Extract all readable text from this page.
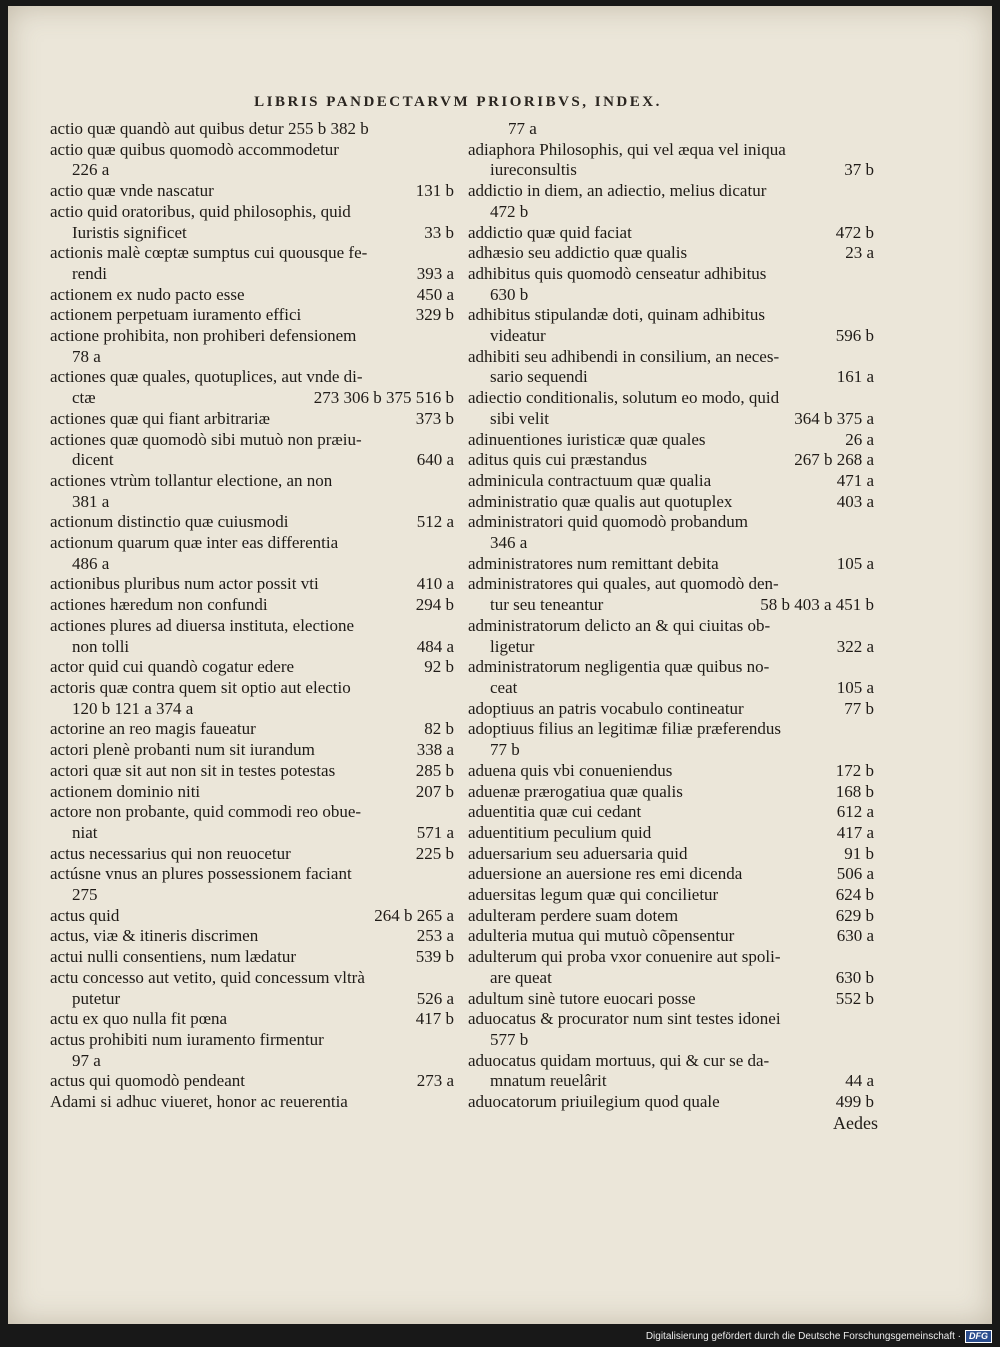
LIBRIS PANDECTARVM PRIORIBVS, INDEX.
actio quæ quandò aut quibus detur 255 b 382 b
actio quæ quibus quomodò accommodetur
226 a
actio quæ vnde nascatur	131 b
actio quid oratoribus, quid philosophis, quid
Iuristis significet	33 b
actionis malè cœptæ sumptus cui quousque fe-
rendi	393 a
actionem ex nudo pacto esse	450 a
actionem perpetuam iuramento effici	329 b
actione prohibita, non prohiberi defensionem
78 a
actiones quæ quales, quotuplices, aut vnde di-
ctæ	273 306 b 375 516 b
actiones quæ qui fiant arbitrariæ	373 b
actiones quæ quomodò sibi mutuò non præiu-
dicent	640 a
actiones vtrùm tollantur electione, an non
381 a
actionum distinctio quæ cuiusmodi	512 a
actionum quarum quæ inter eas differentia
486 a
actionibus pluribus num actor possit vti	410 a
actiones hæredum non confundi	294 b
actiones plures ad diuersa instituta, electione
non tolli	484 a
actor quid cui quandò cogatur edere	92 b
actoris quæ contra quem sit optio aut electio
120 b 121 a 374 a
actorine an reo magis faueatur	82 b
actori plenè probanti num sit iurandum	338 a
actori quæ sit aut non sit in testes potestas	285 b
actionem dominio niti	207 b
actore non probante, quid commodi reo obue-
niat	571 a
actus necessarius qui non reuocetur	225 b
actúsne vnus an plures possessionem faciant
275
actus quid	264 b 265 a
actus, viæ & itineris discrimen	253 a
actui nulli consentiens, num lædatur	539 b
actu concesso aut vetito, quid concessum vltrà
putetur	526 a
actu ex quo nulla fit pœna	417 b
actus prohibiti num iuramento firmentur
97 a
actus qui quomodò pendeant	273 a
Adami si adhuc viueret, honor ac reuerentia
77 a
adiaphora Philosophis, qui vel æqua vel iniqua
iureconsultis	37 b
addictio in diem, an adiectio, melius dicatur
472 b
addictio quæ quid faciat	472 b
adhæsio seu addictio quæ qualis	23 a
adhibitus quis quomodò censeatur adhibitus
630 b
adhibitus stipulandæ doti, quinam adhibitus
videatur	596 b
adhibiti seu adhibendi in consilium, an neces-
sario sequendi	161 a
adiectio conditionalis, solutum eo modo, quid
sibi velit	364 b 375 a
adinuentiones iuristicæ quæ quales	26 a
aditus quis cui præstandus	267 b 268 a
adminicula contractuum quæ qualia	471 a
administratio quæ qualis aut quotuplex	403 a
administratori quid quomodò probandum
346 a
administratores num remittant debita	105 a
administratores qui quales, aut quomodò den-
tur seu teneantur	58 b 403 a 451 b
administratorum delicto an & qui ciuitas ob-
ligetur	322 a
administratorum negligentia quæ quibus no-
ceat	105 a
adoptiuus an patris vocabulo contineatur	77 b
adoptiuus filius an legitimæ filiæ præferendus
77 b
aduena quis vbi conueniendus	172 b
aduenæ prærogatiua quæ qualis	168 b
aduentitia quæ cui cedant	612 a
aduentitium peculium quid	417 a
aduersarium seu aduersaria quid	91 b
aduersione an auersione res emi dicenda	506 a
aduersitas legum quæ qui concilietur	624 b
adulteram perdere suam dotem	629 b
adulteria mutua qui mutuò cõpensentur	630 a
adulterum qui proba vxor conuenire aut spoli-
are queat	630 b
adultum sinè tutore euocari posse	552 b
aduocatus & procurator num sint testes idonei
577 b
aduocatus quidam mortuus, qui & cur se da-
mnatum reuelârit	44 a
aduocatorum priuilegium quod quale	499 b
Aedes
Digitalisierung gefördert durch die Deutsche Forschungsgemeinschaft · DFG
